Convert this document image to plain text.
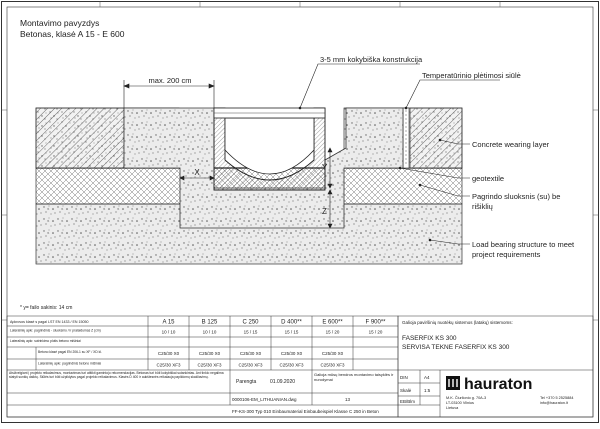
Montavimo pavyzdys
Betonas, klasė A 15 - E 600
max. 200 cm
X
Y
Z
3-5 mm kokybiška konstrukcija
Temperatūrinio plėtimosi siūlė
Concrete wearing layer
geotextile
Pagrindo sluoksnis (su) be
rišiklių
Load bearing structure to meet
project requirements
* y= failo sakinis: 14 cm
Apkrovos klasė s pagal LST EN 1433 / EN 15050	A 15	B 125	C 250	D 400**	E 600**	F 900**
Lateralinių apkr. pagrindinis - sluoksnio / ir pralaidumas Z (cm)	10 / 10	10 / 10	15 / 15	15 / 15	15 / 20	15 / 20
Lateralinių apkr. sutrinkimo plotis betono mišiniai
Betono klasė pagal EN 206-1 su XF / XD kl.	C25/30 X0	C25/30 X0	C25/30 X0	C25/30 X0	C25/30 X0
Lateralinių apkr. pagrindinis betono mišiniai	C25/30 XF3	C25/30 XF3	C25/30 XF3	C25/30 XF3	C25/30 XF3
Atsižvelgiant į projekto reikalavimus, montavimas turi atitikti gamintojo rekomendacijas. Betonas turi būti kokybiškai sutankintas. Ant tinklo negalima statyti sunkių daiktų. Siūlės turi būti užpildytos pagal projekto reikalavimus. Klasės D 400 ir aukštesnės reikalauja papildomų skaičiavimų.
Parengta	01.09.2020
Galioja mūsų bendros montavimo taisyklės ir nurodymai
0000106-EM_LITHUANIAN.dwg	13
FF-KS-300 Typ 010 Einbaumaterial Einbaubeispiel Klasse C 250 in Beton
Galioja paviršinių nuotėkų sistemos (latakų) sistemoms:
FASERFIX KS 300
SERVISA TEKNE FASERFIX KS 300
DIN	A4
Skalė	1:5
EB/Blm
hauraton
M.K. Čiurlionio g. 70A-3
LT-03100 Vilnius
Lietuva
Tel +370 5 2525884
info@hauraton.lt
